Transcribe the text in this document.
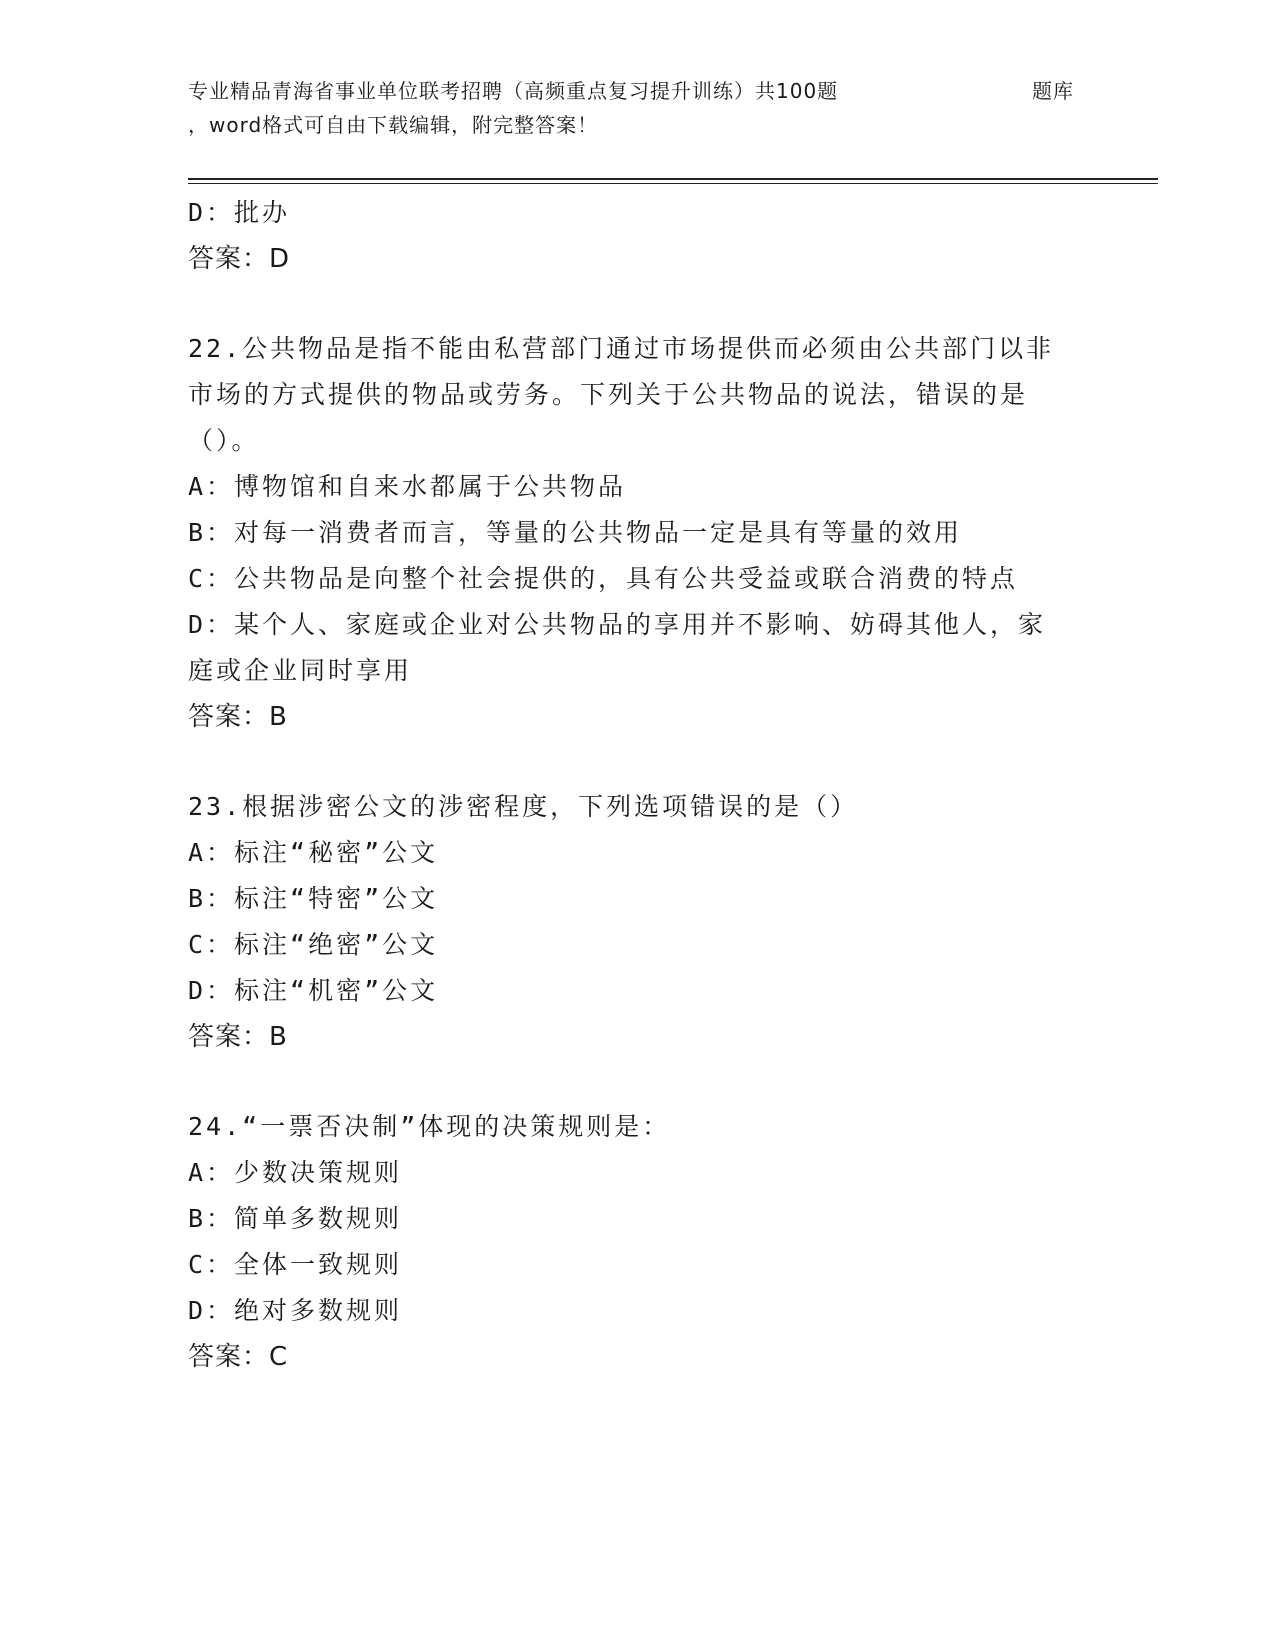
专业精品青海省事业单位联考招聘（高频重点复习提升训练）共100题	题库
，word格式可自由下载编辑，附完整答案！
D：批办
答案：D
22.公共物品是指不能由私营部门通过市场提供而必须由公共部门以非
市场的方式提供的物品或劳务。下列关于公共物品的说法，错误的是
（）。
A：博物馆和自来水都属于公共物品
B：对每一消费者而言，等量的公共物品一定是具有等量的效用
C：公共物品是向整个社会提供的，具有公共受益或联合消费的特点
D：某个人、家庭或企业对公共物品的享用并不影响、妨碍其他人，家
庭或企业同时享用
答案：B
23.根据涉密公文的涉密程度，下列选项错误的是（）
A：标注“秘密”公文
B：标注“特密”公文
C：标注“绝密”公文
D：标注“机密”公文
答案：B
24.“一票否决制”体现的决策规则是：
A：少数决策规则
B：简单多数规则
C：全体一致规则
D：绝对多数规则
答案：C
